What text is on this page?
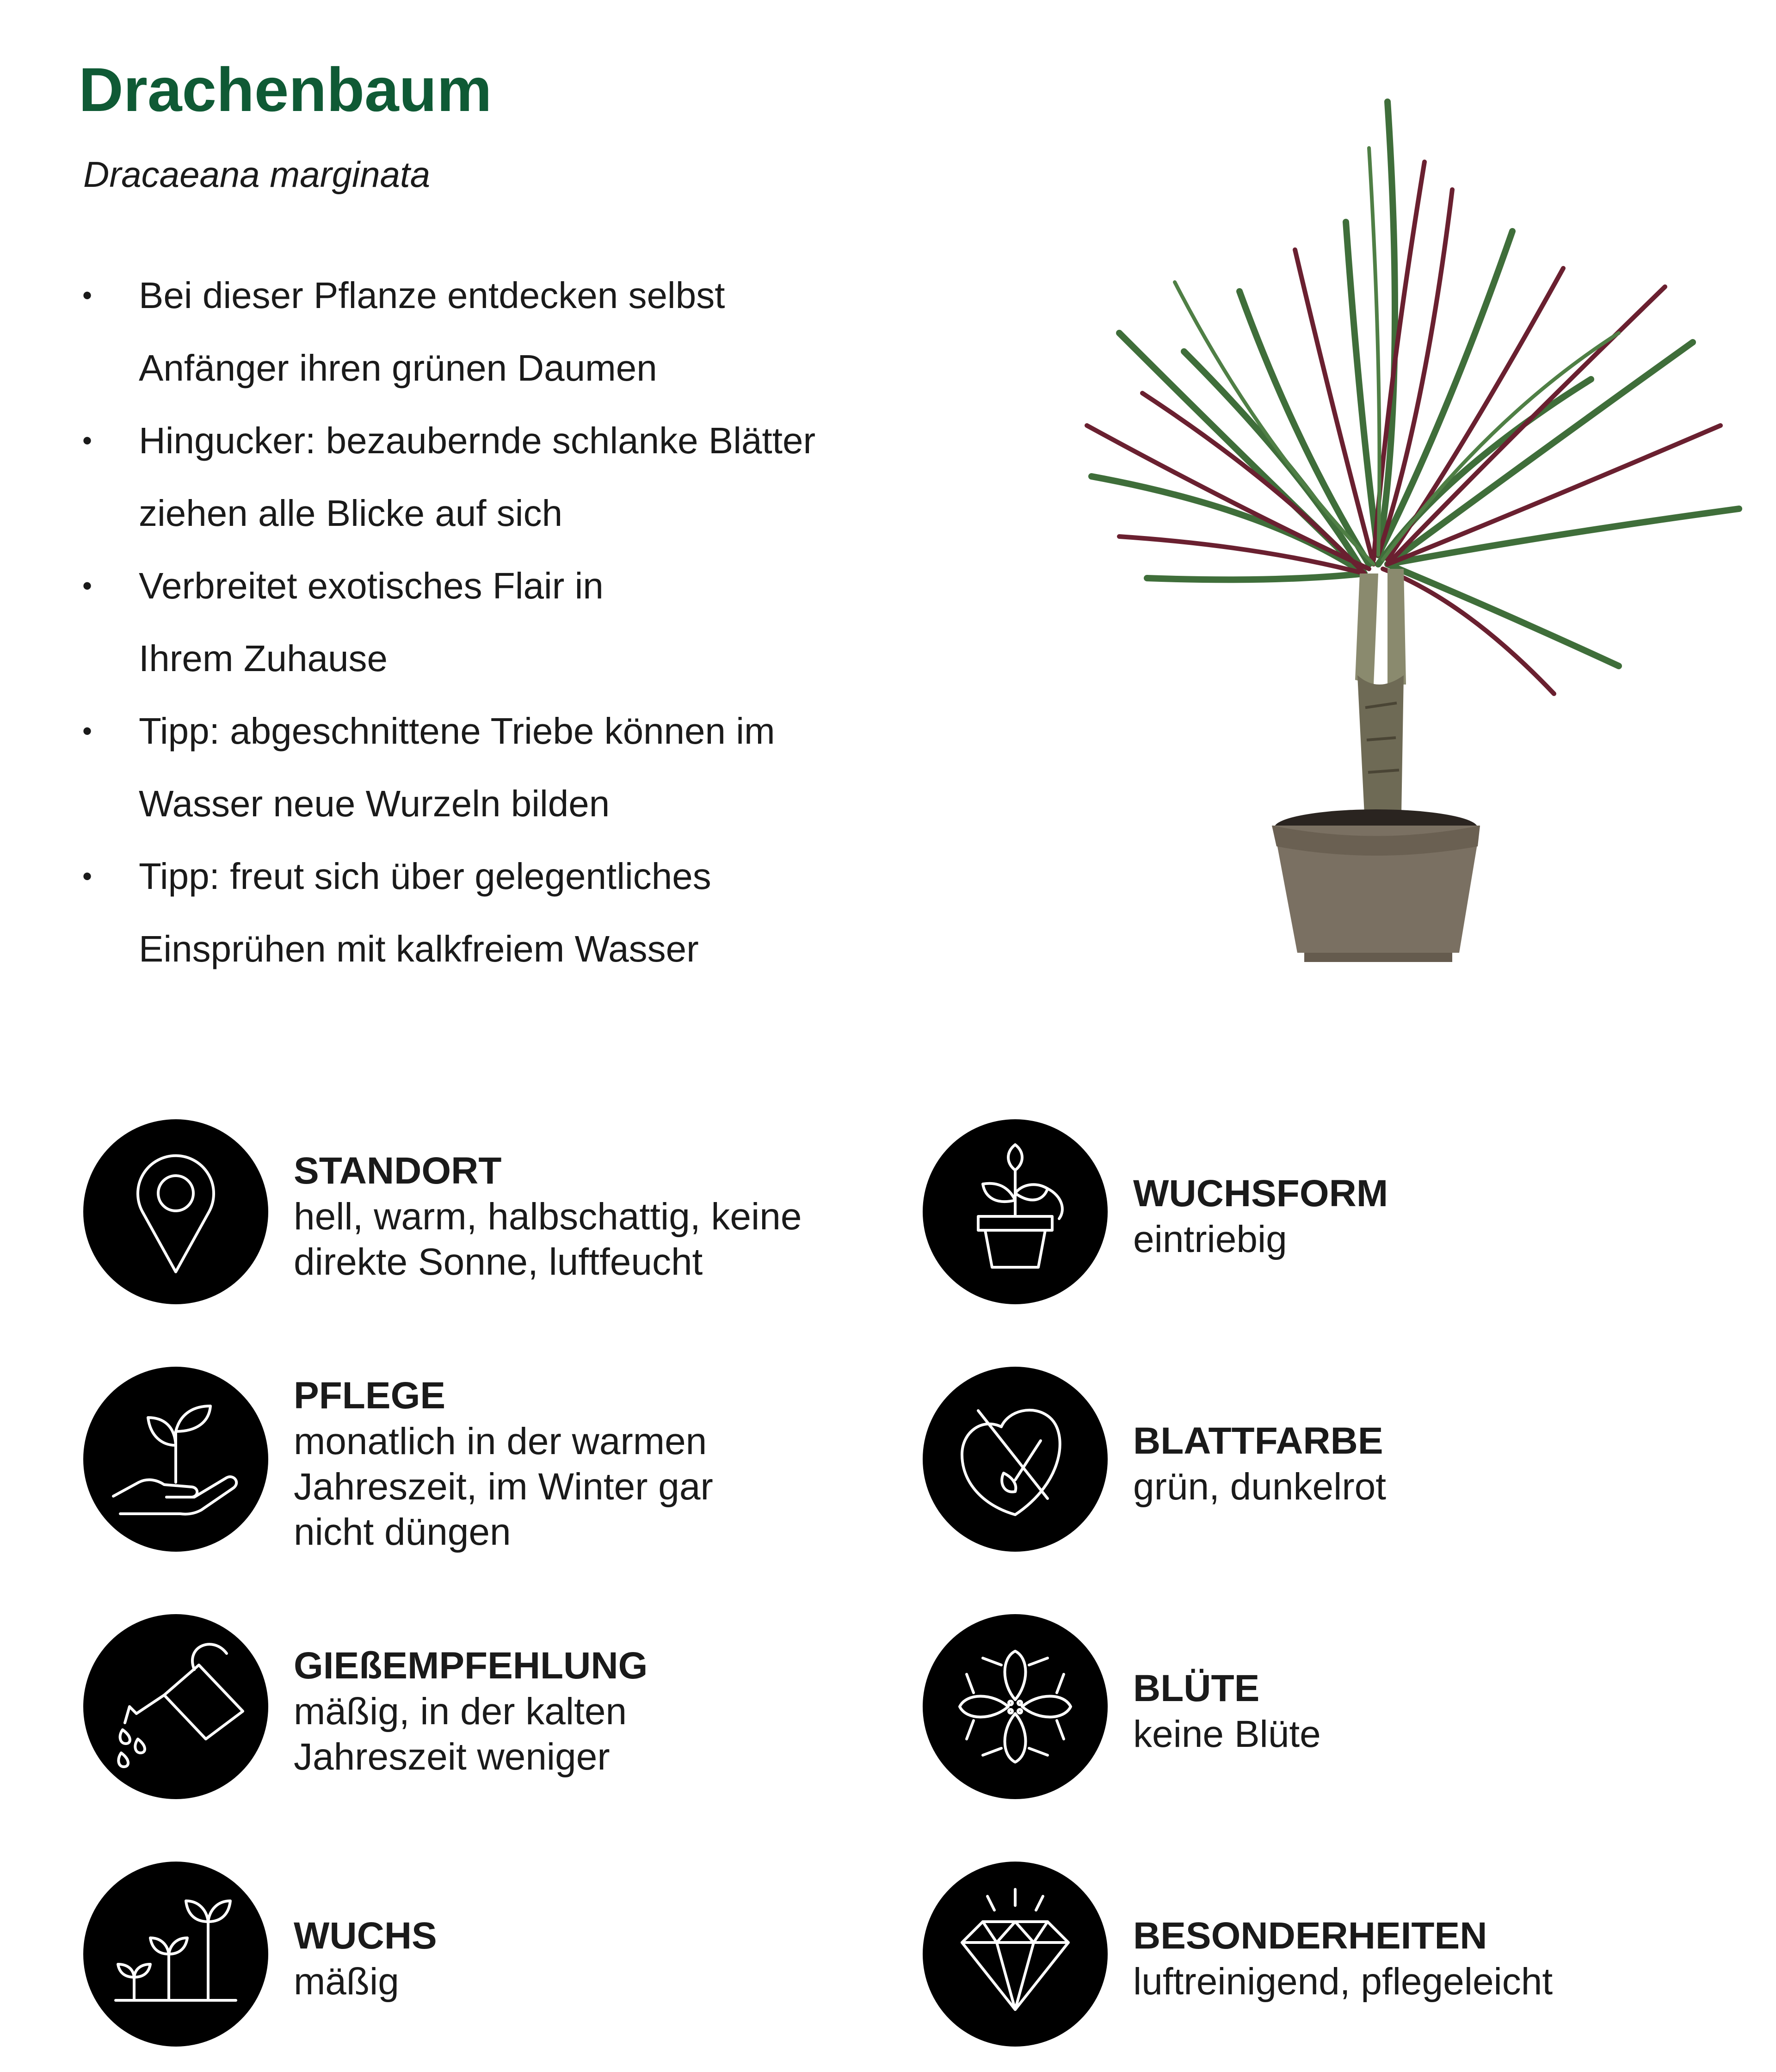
Drachenbaum

Dracaeana marginata

• Bei dieser Pflanze entdecken selbst
Anfänger ihren grünen Daumen
• Hingucker: bezaubernde schlanke Blätter
ziehen alle Blicke auf sich
• Verbreitet exotisches Flair in
Ihrem Zuhause
• Tipp: abgeschnittene Triebe können im
Wasser neue Wurzeln bilden
• Tipp: freut sich über gelegentliches
Einsprühen mit kalkfreiem Wasser
STANDORT
hell, warm, halbschattig, keine
direkte Sonne, luftfeucht
PFLEGE
monatlich in der warmen
Jahreszeit, im Winter gar
nicht düngen
GIEßEMPFEHLUNG
mäßig, in der kalten
Jahreszeit weniger
WUCHS
mäßig
WUCHSFORM
eintriebig
BLATTFARBE
grün, dunkelrot
BLÜTE
keine Blüte
BESONDERHEITEN
luftreinigend, pflegeleicht
